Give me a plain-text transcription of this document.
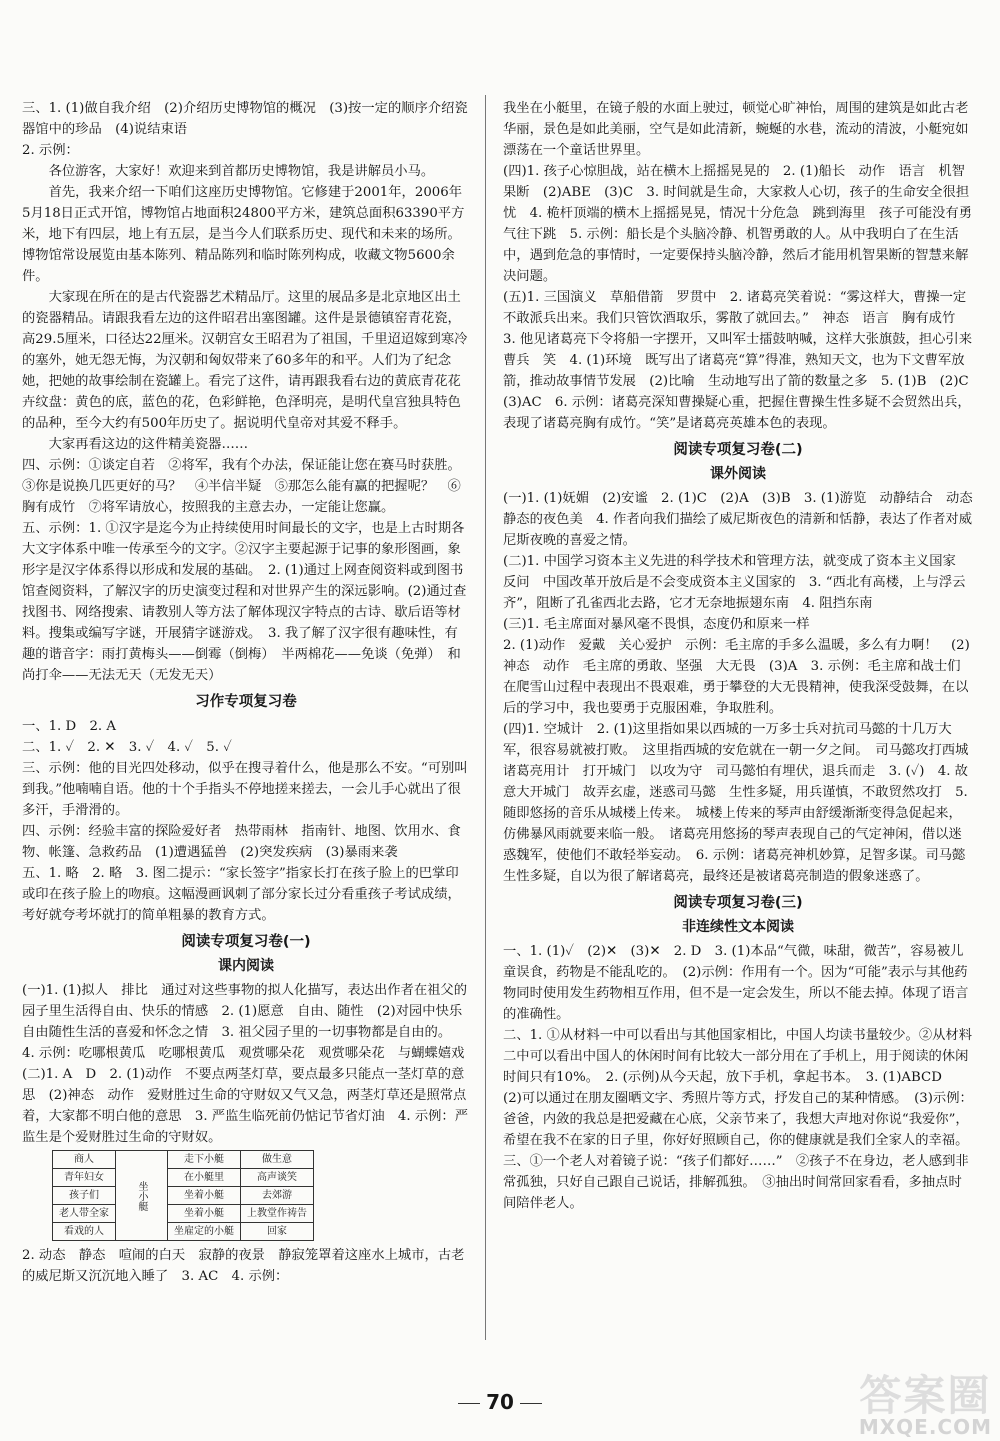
三、1. (1)做自我介绍　(2)介绍历史博物馆的概况　(3)按一定的顺序介绍瓷器馆中的珍品　(4)说结束语

2. 示例：

各位游客，大家好！欢迎来到首都历史博物馆，我是讲解员小马。

首先，我来介绍一下咱们这座历史博物馆。它修建于2001年，2006年5月18日正式开馆，博物馆占地面积24800平方米，建筑总面积63390平方米，地下有四层，地上有五层，是当今人们联系历史、现代和未来的场所。博物馆常设展览由基本陈列、精品陈列和临时陈列构成，收藏文物5600余件。

大家现在所在的是古代瓷器艺术精品厅。这里的展品多是北京地区出土的瓷器精品。请跟我看左边的这件昭君出塞图罐。这件是景德镇窑青花瓷，高29.5厘米，口径达22厘米。汉朝宫女王昭君为了祖国，千里迢迢嫁到寒冷的塞外，她无怨无悔，为汉朝和匈奴带来了60多年的和平。人们为了纪念她，把她的故事绘制在瓷罐上。看完了这件，请再跟我看右边的黄底青花花卉纹盘：黄色的底，蓝色的花，色彩鲜艳，色泽明亮，是明代皇宫独具特色的品种，至今大约有500年历史了。据说明代皇帝对其爱不释手。

大家再看这边的这件精美瓷器……

四、示例：①谈定自若　②将军，我有个办法，保证能让您在赛马时获胜。③你是说换几匹更好的马？　④半信半疑　⑤那怎么能有赢的把握呢？　⑥胸有成竹　⑦将军请放心，按照我的主意去办，一定能让您赢。

五、示例：1. ①汉字是迄今为止持续使用时间最长的文字，也是上古时期各大文字体系中唯一传承至今的文字。②汉字主要起源于记事的象形图画，象形字是汉字体系得以形成和发展的基础。　2. (1)通过上网查阅资料或到图书馆查阅资料，了解汉字的历史演变过程和对世界产生的深远影响。(2)通过查找图书、网络搜索、请教别人等方法了解体现汉字特点的古诗、歇后语等材料。搜集或编写字谜，开展猜字谜游戏。　3. 我了解了汉字很有趣味性，有趣的谐音字：雨打黄梅头——倒霉（倒梅）　半两棉花——免谈（免弹）　和尚打伞——无法无天（无发无天）

习作专项复习卷

一、1. D　2. A

二、1. ✓　2. ✕　3. ✓　4. ✓　5. ✓

三、示例：他的目光四处移动，似乎在搜寻着什么，他是那么不安。“可别叫到我。”他喃喃自语。他的十个手指头不停地搓来搓去，一会儿手心就出了很多汗，手滑滑的。

四、示例：经验丰富的探险爱好者　热带雨林　指南针、地图、饮用水、食物、帐篷、急救药品　(1)遭遇猛兽　(2)突发疾病　(3)暴雨来袭

五、1. 略　2. 略　3. 图二提示：“家长签字”指家长打在孩子脸上的巴掌印或印在孩子脸上的吻痕。这幅漫画讽刺了部分家长过分看重孩子考试成绩，考好就夸考坏就打的简单粗暴的教育方式。

阅读专项复习卷(一)
课内阅读

(一)1. (1)拟人　排比　通过对这些事物的拟人化描写，表达出作者在祖父的园子里生活得自由、快乐的情感　2. (1)愿意　自由、随性　(2)对园中快乐自由随性生活的喜爱和怀念之情　3. 祖父园子里的一切事物都是自由的。　4. 示例：吃哪根黄瓜　吃哪根黄瓜　观赏哪朵花　观赏哪朵花　与蝴蝶嬉戏

(二)1. A　D　2. (1)动作　不要点两茎灯草，要点最多只能点一茎灯草的意思　(2)神态　动作　爱财胜过生命的守财奴又气又急，两茎灯草还是照常点着，大家都不明白他的意思　3. 严监生临死前仍惦记节省灯油　4. 示例：严监生是个爱财胜过生命的守财奴。

商人	坐小艇	走下小艇	做生意
青年妇女		在小艇里	高声谈笑
孩子们		坐着小艇	去郊游
老人带全家		坐着小艇	上教堂作祷告
看戏的人		坐雇定的小艇	回家

2. 动态　静态　喧闹的白天　寂静的夜景　静寂笼罩着这座水上城市，古老的威尼斯又沉沉地入睡了　3. AC　4. 示例：

我坐在小艇里，在镜子般的水面上驶过，顿觉心旷神怡，周围的建筑是如此古老华丽，景色是如此美丽，空气是如此清新，蜿蜒的水巷，流动的清波，小艇宛如漂荡在一个童话世界里。

(四)1. 孩子心惊胆战，站在横木上摇摇晃晃的　2. (1)船长　动作　语言　机智果断　(2)ABE　(3)C　3. 时间就是生命，大家救人心切，孩子的生命安全很担忧　4. 桅杆顶端的横木上摇摇晃晃，情况十分危急　跳到海里　孩子可能没有勇气往下跳　5. 示例：船长是个头脑冷静、机智勇敢的人。从中我明白了在生活中，遇到危急的事情时，一定要保持头脑冷静，然后才能用机智果断的智慧来解决问题。

(五)1. 三国演义　草船借箭　罗贯中　2. 诸葛亮笑着说：“雾这样大，曹操一定不敢派兵出来。我们只管饮酒取乐，雾散了就回去。”　神态　语言　胸有成竹　3. 他见诸葛亮下令将船一字摆开，又叫军士擂鼓呐喊，这样大张旗鼓，担心引来曹兵　笑　4. (1)环境　既写出了诸葛亮“算”得准，熟知天文，也为下文曹军放箭，推动故事情节发展　(2)比喻　生动地写出了箭的数量之多　5. (1)B　(2)C　(3)AC　6. 示例：诸葛亮深知曹操疑心重，把握住曹操生性多疑不会贸然出兵，表现了诸葛亮胸有成竹。“笑”是诸葛亮英雄本色的表现。

阅读专项复习卷(二)
课外阅读

(一)1. (1)妩媚　(2)安谧　2. (1)C　(2)A　(3)B　3. (1)游览　动静结合　动态　静态的夜色美　4. 作者向我们描绘了威尼斯夜色的清新和恬静，表达了作者对威尼斯夜晚的喜爱之情。

(二)1. 中国学习资本主义先进的科学技术和管理方法，就变成了资本主义国家　反问　中国改革开放后是不会变成资本主义国家的　3. “西北有高楼，上与浮云齐”，阻断了孔雀西北去路，它才无奈地振翅东南　4. 阻挡东南

(三)1. 毛主席面对暴风毫不畏惧，态度仍和原来一样

2. (1)动作　爱戴　关心爱护　示例：毛主席的手多么温暖，多么有力啊！　(2)神态　动作　毛主席的勇敢、坚强　大无畏　(3)A　3. 示例：毛主席和战士们在爬雪山过程中表现出不畏艰难，勇于攀登的大无畏精神，使我深受鼓舞，在以后的学习中，我也要勇于克服困难，争取胜利。

(四)1. 空城计　2. (1)这里指如果以西城的一万多士兵对抗司马懿的十几万大军，很容易就被打败。　这里指西城的安危就在一朝一夕之间。　司马懿攻打西城　诸葛亮用计　打开城门　以攻为守　司马懿怕有埋伏，退兵而走　3. (✓)　4. 故意大开城门　故弄玄虚，迷惑司马懿　生性多疑，用兵谨慎，不敢贸然攻打　5. 随即悠扬的音乐从城楼上传来。　城楼上传来的琴声由舒缓渐渐变得急促起来，仿佛暴风雨就要来临一般。　诸葛亮用悠扬的琴声表现自己的气定神闲，借以迷惑魏军，使他们不敢轻举妄动。　6. 示例：诸葛亮神机妙算，足智多谋。司马懿生性多疑，自以为很了解诸葛亮，最终还是被诸葛亮制造的假象迷惑了。

阅读专项复习卷(三)
非连续性文本阅读

一、1. (1)✓　(2)✕　(3)✕　2. D　3. (1)本品“气微，味甜，微苦”，容易被儿童误食，药物是不能乱吃的。　(2)示例：作用有一个。因为“可能”表示与其他药物同时使用发生药物相互作用，但不是一定会发生，所以不能去掉。体现了语言的准确性。

二、1. ①从材料一中可以看出与其他国家相比，中国人均读书量较少。②从材料二中可以看出中国人的休闲时间有比较大一部分用在了手机上，用于阅读的休闲时间只有10%。　2. (示例)从今天起，放下手机，拿起书本。　3. (1)ABCD　(2)可以通过在朋友圈晒文字、秀照片等方式，抒发自己的某种情感。　(3)示例：爸爸，内敛的我总是把爱藏在心底，父亲节来了，我想大声地对你说“我爱你”，希望在我不在家的日子里，你好好照顾自己，你的健康就是我们全家人的幸福。

三、①一个老人对着镜子说：“孩子们都好……”　②孩子不在身边，老人感到非常孤独，只好自己跟自己说话，排解孤独。　③抽出时间常回家看看，多抽点时间陪伴老人。

70	答案圈
MXQE.COM
